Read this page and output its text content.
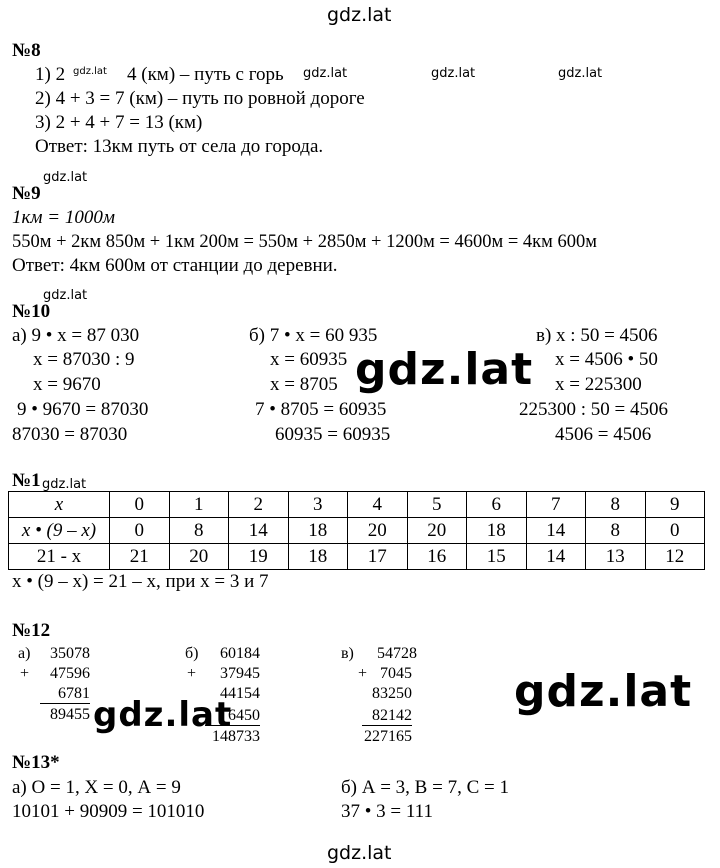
gdz.lat
gdz.lat	gdz.lat	gdz.lat
gdz.lat
gdz.lat
gdz.lat
gdz.lat
№8
1) 2 gdz.lat 4 (км) – путь с горь
2) 4 + 3 = 7 (км) – путь по ровной дороге
3) 2 + 4 + 7 = 13 (км)
Ответ: 13км путь от села до города.
№9
1км = 1000м
550м + 2км 850м + 1км 200м = 550м + 2850м + 1200м = 4600м = 4км 600м
Ответ: 4км 600м от станции до деревни.
№10
а) 9 • x = 87 030
x = 87030 : 9
x = 9670
9 • 9670 = 87030
87030 = 87030
б) 7 • x = 60 935
x = 60935
x = 8705
7 • 8705 = 60935
60935 = 60935
в) x : 50 = 4506
x = 4506 • 50
x = 225300
225300 : 50 = 4506
4506 = 4506
gdz.lat
№1
x	0	1	2	3	4	5	6	7	8	9
x • (9 – x)	0	8	14	18	20	20	18	14	8	0
21 - x	21	20	19	18	17	16	15	14	13	12
x • (9 – x) = 21 – x, при x = 3 и 7
№12
а)	35078
+	47596
6781
89455
б)	60184
+	37945
44154
6450
148733
в)	54728
+ 7045
83250
82142
227165
gdz.lat
gdz.lat
№13*
а) О = 1, Х = 0, А = 9
10101 + 90909 = 101010
б) А = 3, В = 7, С = 1
37 • 3 = 111
